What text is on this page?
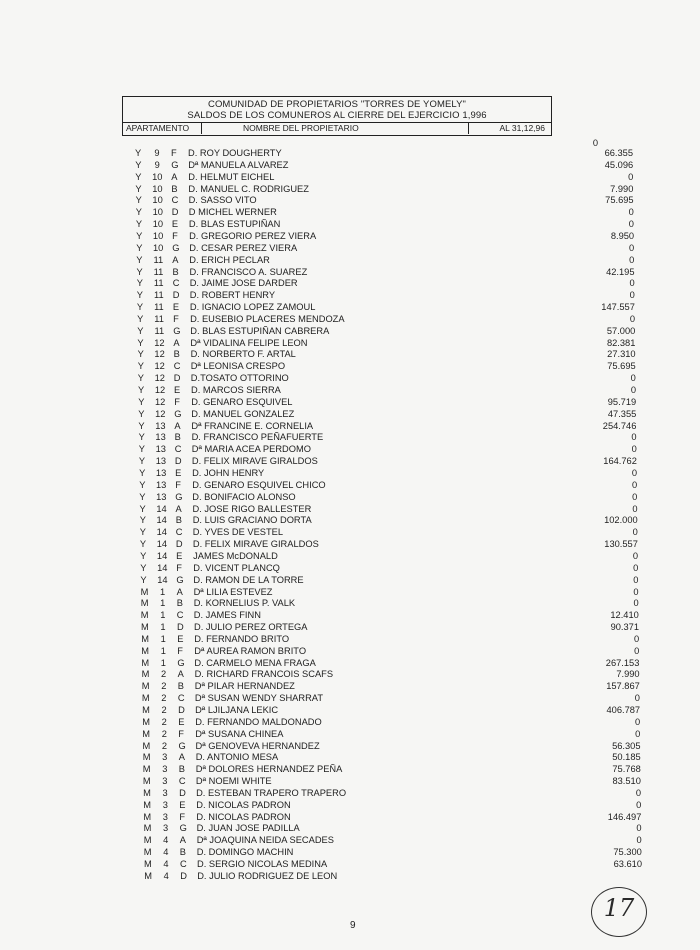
COMUNIDAD DE PROPIETARIOS "TORRES DE YOMELY"
SALDOS DE LOS COMUNEROS AL CIERRE DEL EJERCICIO 1,996
APARTAMENTO	NOMBRE DEL PROPIETARIO	AL 31,12,96
0
Y	9	F D. ROY DOUGHERTY	66.355
Y	9	G Dª MANUELA ALVAREZ	45.096
Y	10 A D. HELMUT EICHEL	0
Y	10 B D. MANUEL C. RODRIGUEZ	7.990
Y	10 C D. SASSO VITO	75.695
Y	10 D D MICHEL WERNER	0
Y	10 E D. BLAS ESTUPIÑAN	0
Y	10 F D. GREGORIO PEREZ VIERA	8.950
Y	10 G D. CESAR PEREZ VIERA	0
Y	11 A D. ERICH PECLAR	0
Y	11 B D. FRANCISCO A. SUAREZ	42.195
Y	11 C D. JAIME JOSE DARDER	0
Y	11 D D. ROBERT HENRY	0
Y	11 E D. IGNACIO LOPEZ ZAMOUL	147.557
Y	11 F D. EUSEBIO PLACERES MENDOZA	0
Y	11 G D. BLAS ESTUPIÑAN CABRERA	57.000
Y	12 A Dª VIDALINA FELIPE LEON	82.381
Y	12 B D. NORBERTO F. ARTAL	27.310
Y	12 C Dª LEONISA CRESPO	75.695
Y	12 D D.TOSATO OTTORINO	0
Y	12 E D. MARCOS SIERRA	0
Y	12 F D. GENARO ESQUIVEL	95.719
Y	12 G D. MANUEL GONZALEZ	47.355
Y	13 A Dª FRANCINE E. CORNELIA	254.746
Y	13 B D. FRANCISCO PEÑAFUERTE	0
Y	13 C Dª MARIA ACEA PERDOMO	0
Y	13 D D. FELIX MIRAVE GIRALDOS	164.762
Y	13 E D. JOHN HENRY	0
Y	13 F D. GENARO ESQUIVEL CHICO	0
Y	13 G D. BONIFACIO ALONSO	0
Y	14 A D. JOSE RIGO BALLESTER	0
Y	14 B D. LUIS GRACIANO DORTA	102.000
Y	14 C D. YVES DE VESTEL	0
Y	14 D D. FELIX MIRAVE GIRALDOS	130.557
Y	14 E JAMES McDONALD	0
Y	14 F D. VICENT PLANCQ	0
Y	14 G D. RAMON DE LA TORRE	0
M	1	A Dª LILIA ESTEVEZ	0
M	1	B D. KORNELIUS P. VALK	0
M	1	C D. JAMES FINN	12.410
M	1	D D. JULIO PEREZ ORTEGA	90.371
M	1	E D. FERNANDO BRITO	0
M	1	F Dª AUREA RAMON BRITO	0
M	1	G D. CARMELO MENA FRAGA	267.153
M	2	A D. RICHARD FRANCOIS SCAFS	7.990
M	2	B Dª PILAR HERNANDEZ	157.867
M	2	C Dª SUSAN WENDY SHARRAT	0
M	2	D Dª LJILJANA LEKIC	406.787
M	2	E D. FERNANDO MALDONADO	0
M	2	F Dª SUSANA CHINEA	0
M	2	G Dª GENOVEVA HERNANDEZ	56.305
M	3	A D. ANTONIO MESA	50.185
M	3	B Dª DOLORES HERNANDEZ PEÑA	75.768
M	3	C Dª NOEMI WHITE	83.510
M	3	D D. ESTEBAN TRAPERO TRAPERO	0
M	3	E D. NICOLAS PADRON	0
M	3	F D. NICOLAS PADRON	146.497
M	3	G D. JUAN JOSE PADILLA	0
M	4	A Dª JOAQUINA NEIDA SECADES	0
M	4	B D. DOMINGO MACHIN	75.300
M	4	C D. SERGIO NICOLAS MEDINA	63.610
M	4	D D. JULIO RODRIGUEZ DE LEON
9
17
